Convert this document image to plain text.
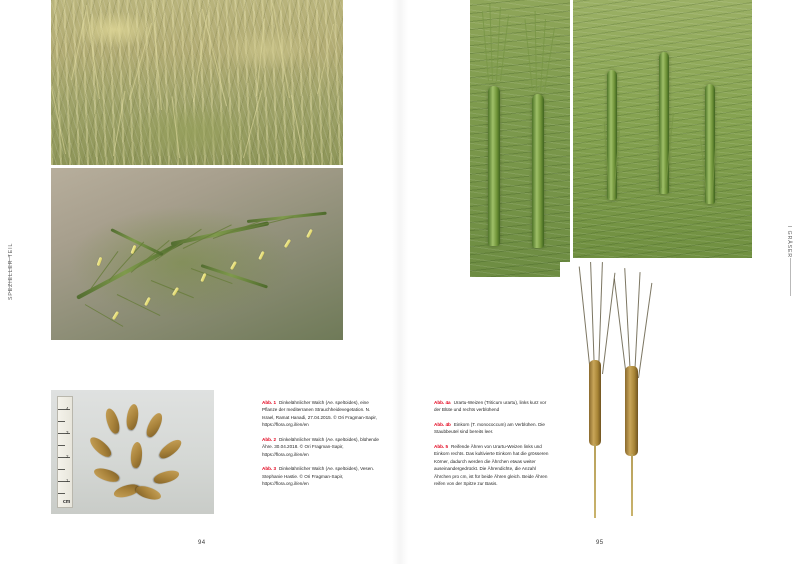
SPEZIELLER TEIL
4
3
2
1
cm
Abb. 1 Dinkelähnlicher Walch (Ae. speltoides), eine Pflanze der mediterranen Strauchheidevegetation. N. Israel, Ramat Hanadi, 27.04.2015. © Ori Fragman-Sapir, https://flora.org.il/en/en
Abb. 2 Dinkelähnlicher Walch (Ae. speltoides), blühende Ähre. 30.04.2018. © Ori Fragman-Sapir, https://flora.org.il/en/en
Abb. 3 Dinkelähnlicher Walch (Ae. speltoides), Vesen. Stephanie Hastie. © Ori Fragman-Sapir, https://flora.org.il/en/en
94
I GRÄSER
Abb. 4a Urartu-Weizen (Triticum urartu), links kurz vor der Blüte und rechts verblühend
Abb. 4b Einkorn (T. monococcum) am Verblühen. Die Staubbeutel sind bereits leer.
Abb. 5 Reifende Ähren von Urartu-Weizen links und Einkorn rechts. Das kultivierte Einkorn hat die grösseren Körner, dadurch werden die Ährchen etwas weiter auseinandergedrückt. Die Ährendichte, die Anzahl Ährchen pro cm, ist für beide Ähren gleich. Beide Ähren reifen von der Spitze zur Basis.
95
